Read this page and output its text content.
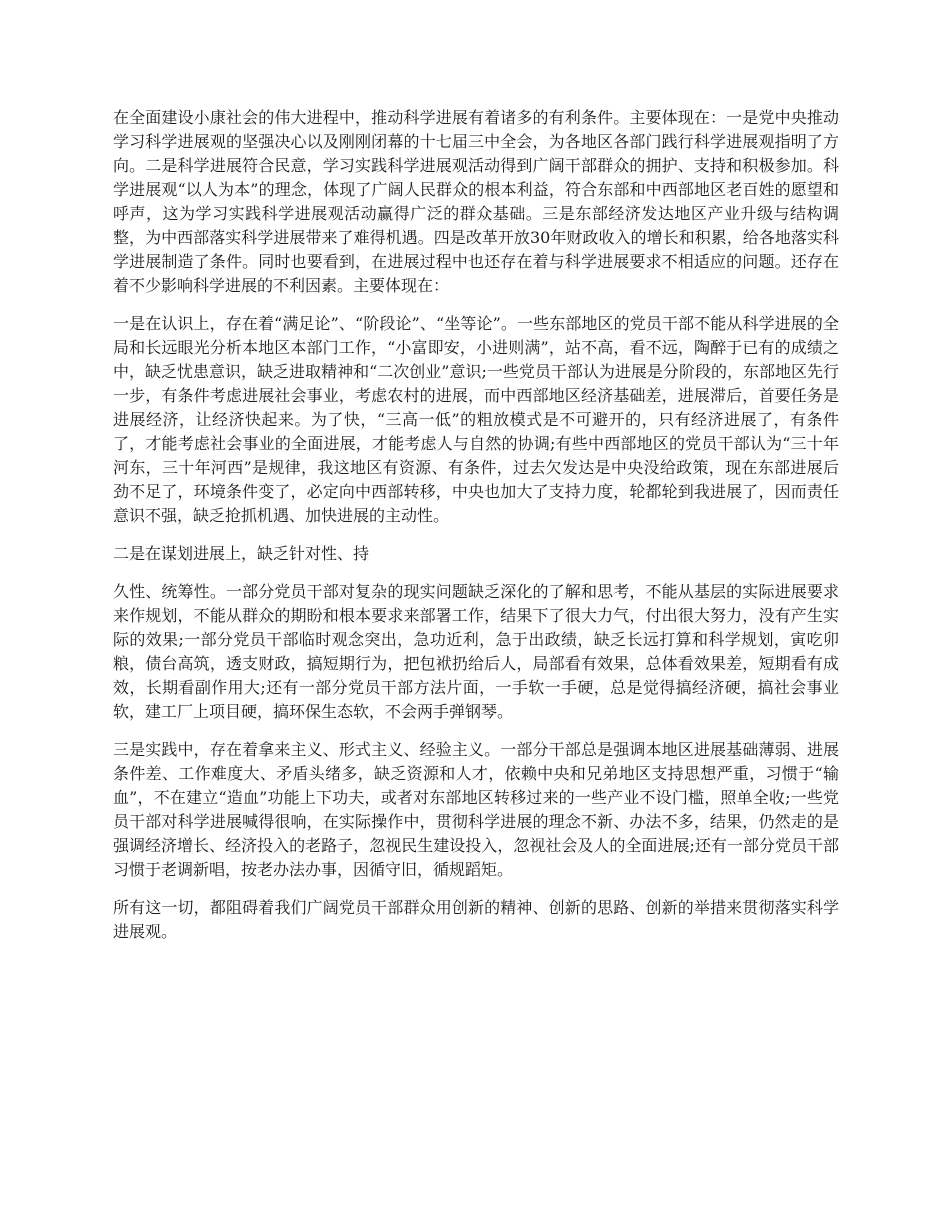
在全面建设小康社会的伟大进程中，推动科学进展有着诸多的有利条件。主要体现在：一是党中央推动学习科学进展观的坚强决心以及刚刚闭幕的十七届三中全会，为各地区各部门践行科学进展观指明了方向。二是科学进展符合民意，学习实践科学进展观活动得到广阔干部群众的拥护、支持和积极参加。科学进展观“以人为本”的理念，体现了广阔人民群众的根本利益，符合东部和中西部地区老百姓的愿望和呼声，这为学习实践科学进展观活动赢得广泛的群众基础。三是东部经济发达地区产业升级与结构调整，为中西部落实科学进展带来了难得机遇。四是改革开放30年财政收入的增长和积累，给各地落实科学进展制造了条件。同时也要看到，在进展过程中也还存在着与科学进展要求不相适应的问题。还存在着不少影响科学进展的不利因素。主要体现在：

一是在认识上，存在着“满足论”、“阶段论”、“坐等论”。一些东部地区的党员干部不能从科学进展的全局和长远眼光分析本地区本部门工作，“小富即安，小进则满”，站不高，看不远，陶醉于已有的成绩之中，缺乏忧患意识，缺乏进取精神和“二次创业”意识;一些党员干部认为进展是分阶段的，东部地区先行一步，有条件考虑进展社会事业，考虑农村的进展，而中西部地区经济基础差，进展滞后，首要任务是进展经济，让经济快起来。为了快，“三高一低”的粗放模式是不可避开的，只有经济进展了，有条件了，才能考虑社会事业的全面进展，才能考虑人与自然的协调;有些中西部地区的党员干部认为“三十年河东，三十年河西”是规律，我这地区有资源、有条件，过去欠发达是中央没给政策，现在东部进展后劲不足了，环境条件变了，必定向中西部转移，中央也加大了支持力度，轮都轮到我进展了，因而责任意识不强，缺乏抢抓机遇、加快进展的主动性。

二是在谋划进展上，缺乏针对性、持

久性、统筹性。一部分党员干部对复杂的现实问题缺乏深化的了解和思考，不能从基层的实际进展要求来作规划，不能从群众的期盼和根本要求来部署工作，结果下了很大力气，付出很大努力，没有产生实际的效果;一部分党员干部临时观念突出，急功近利，急于出政绩，缺乏长远打算和科学规划，寅吃卯粮，债台高筑，透支财政，搞短期行为，把包袱扔给后人，局部看有效果，总体看效果差，短期看有成效，长期看副作用大;还有一部分党员干部方法片面，一手软一手硬，总是觉得搞经济硬，搞社会事业软，建工厂上项目硬，搞环保生态软，不会两手弹钢琴。

三是实践中，存在着拿来主义、形式主义、经验主义。一部分干部总是强调本地区进展基础薄弱、进展条件差、工作难度大、矛盾头绪多，缺乏资源和人才，依赖中央和兄弟地区支持思想严重，习惯于“输血”，不在建立“造血”功能上下功夫，或者对东部地区转移过来的一些产业不设门槛，照单全收;一些党员干部对科学进展喊得很响，在实际操作中，贯彻科学进展的理念不新、办法不多，结果，仍然走的是强调经济增长、经济投入的老路子，忽视民生建设投入，忽视社会及人的全面进展;还有一部分党员干部习惯于老调新唱，按老办法办事，因循守旧，循规蹈矩。

所有这一切，都阻碍着我们广阔党员干部群众用创新的精神、创新的思路、创新的举措来贯彻落实科学进展观。
